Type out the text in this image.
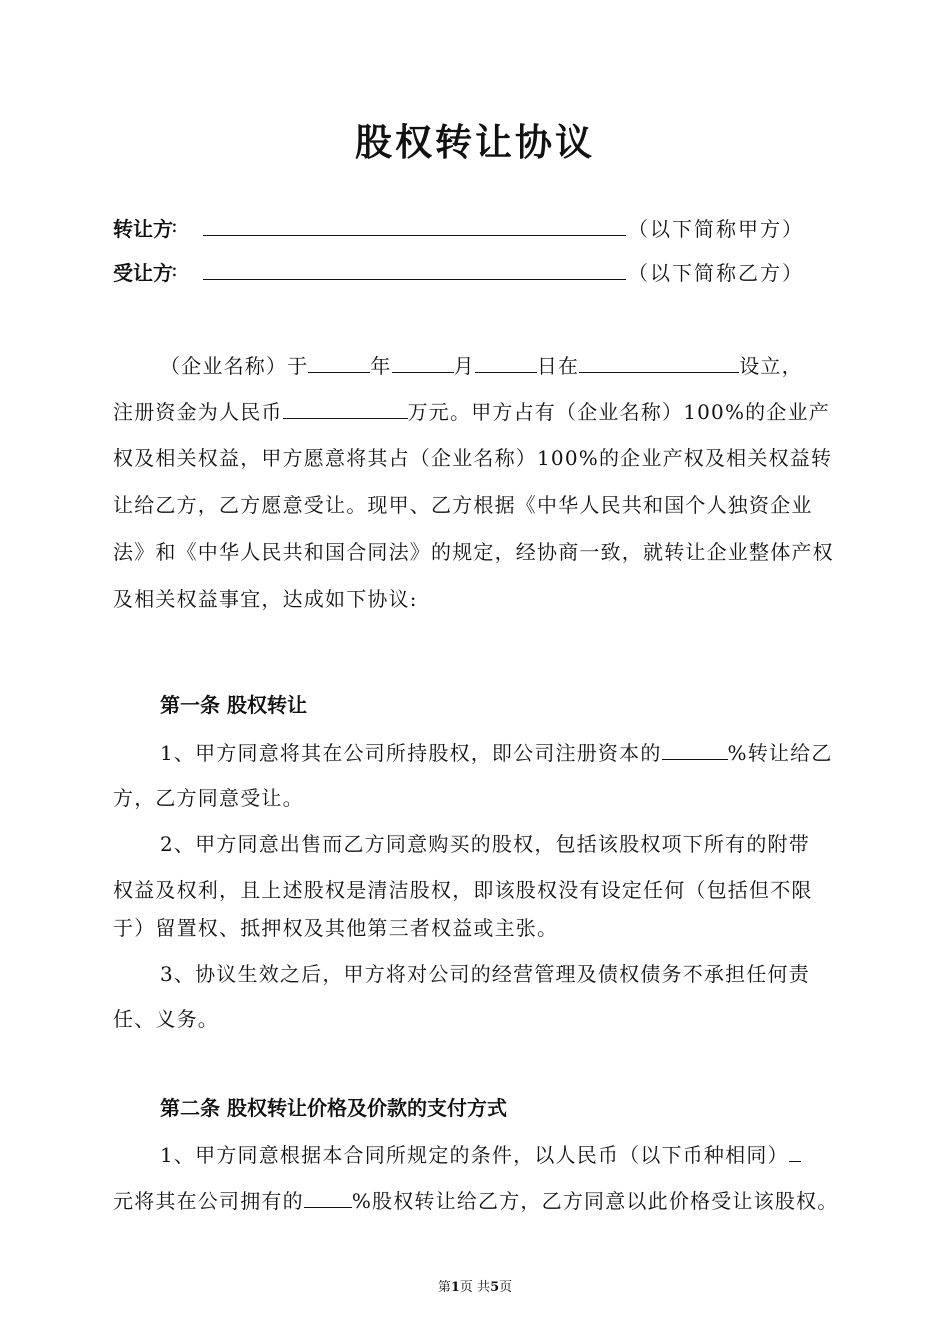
股权转让协议
转让方
:	（以下简称甲方）
受让方
:	（以下简称乙方）
（企业名称）于	年	月	日在	设立，
注册资金为人民币	万元。甲方占有（企业名称）100%的企业产
权及相关权益，甲方愿意将其占（企业名称）100%的企业产权及相关权益转
让给乙方，乙方愿意受让。现甲、乙方根据《中华人民共和国个人独资企业
法》和《中华人民共和国合同法》的规定，经协商一致，就转让企业整体产权
及相关权益事宜，达成如下协议:
第一条 股权转让
1、甲方同意将其在公司所持股权，即公司注册资本的	%转让给乙
方，乙方同意受让。
2、甲方同意出售而乙方同意购买的股权，包括该股权项下所有的附带
权益及权利，且上述股权是清洁股权，即该股权没有设定任何（包括但不限
于）留置权、抵押权及其他第三者权益或主张。
3、协议生效之后，甲方将对公司的经营管理及债权债务不承担任何责
任、义务。
第二条 股权转让价格及价款的支付方式
1、甲方同意根据本合同所规定的条件，以人民币（以下币种相同）
元将其在公司拥有的 %股权转让给乙方，乙方同意以此价格受让该股权。
第1页 共5页
